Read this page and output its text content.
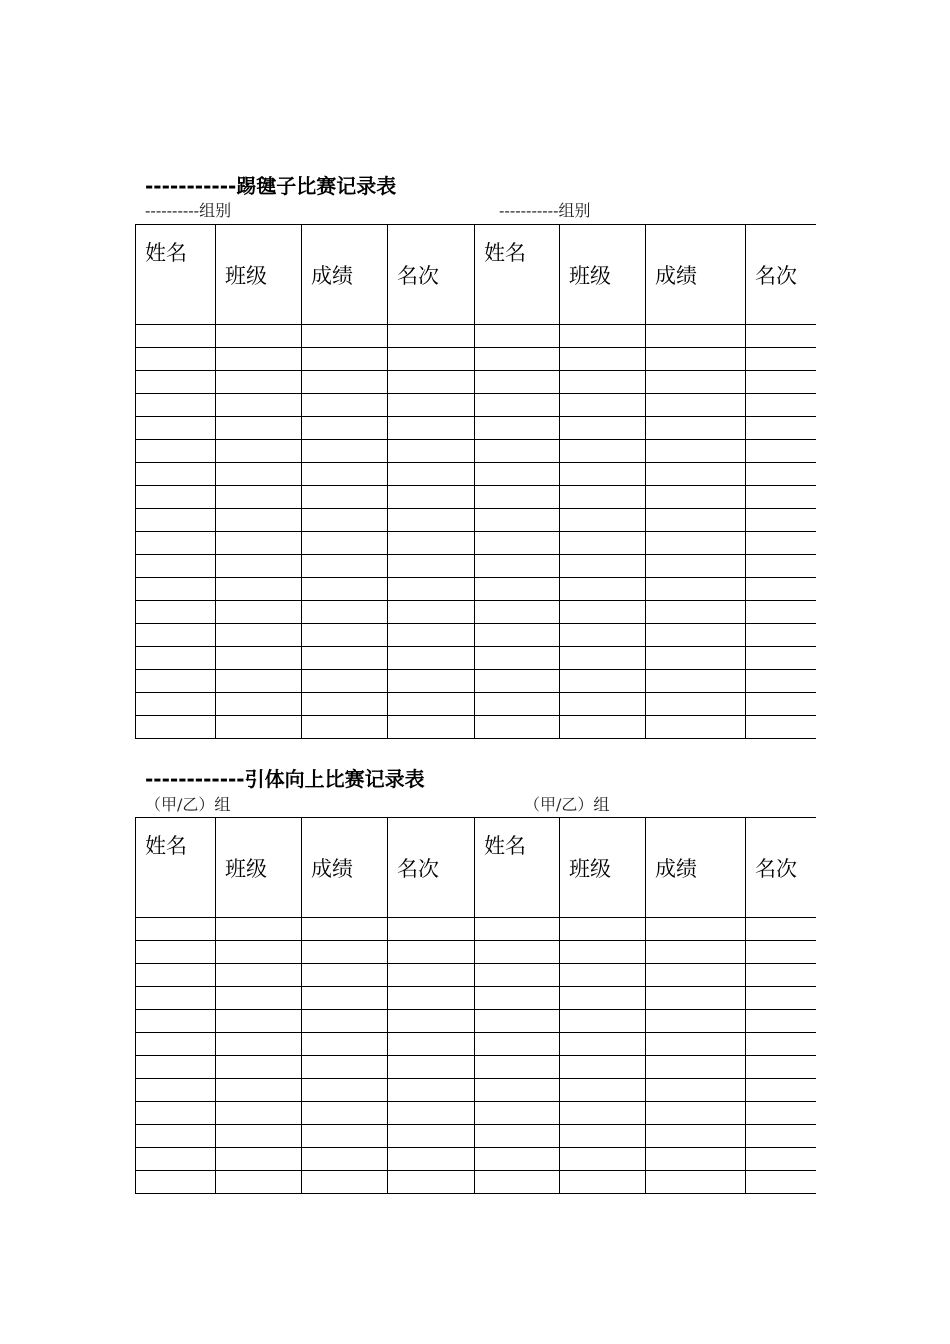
-----------踢毽子比赛记录表
----------组别	-----------组别
姓名	班级	成绩	名次	姓名	班级	成绩	名次

------------引体向上比赛记录表
（甲/乙）组	（甲/乙）组
姓名	班级	成绩	名次	姓名	班级	成绩	名次
